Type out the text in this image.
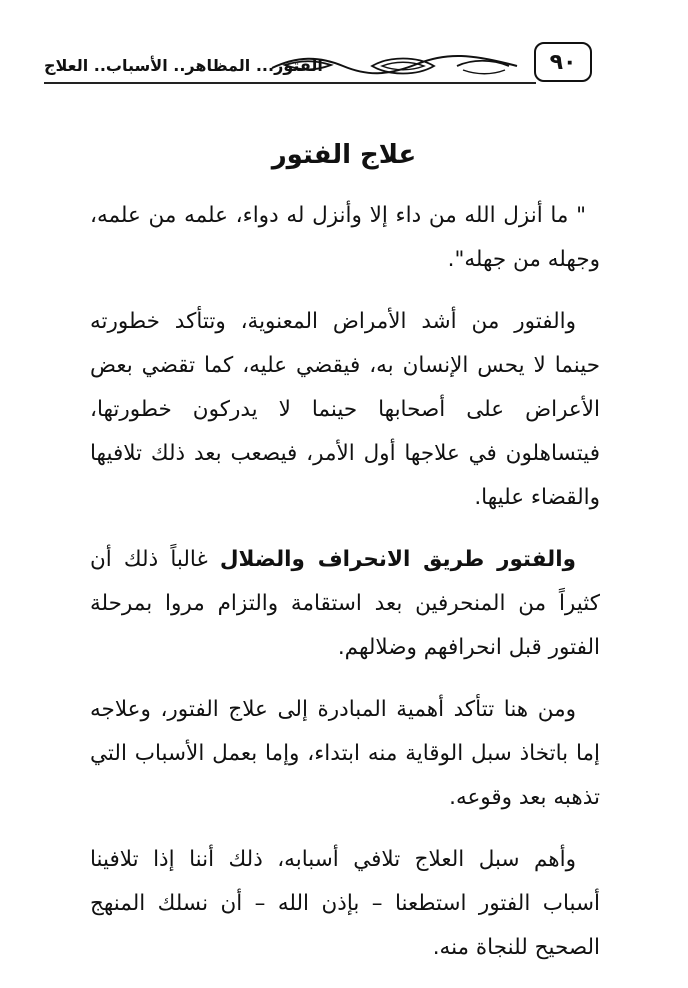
٩٠
الفتور... المظاهر.. الأسباب.. العلاج
علاج الفتور

" ما أنزل الله من داء إلا وأنزل له دواء، علمه من علمه، وجهله من جهله".

والفتور من أشد الأمراض المعنوية، وتتأكد خطورته حينما لا يحس الإنسان به، فيقضي عليه، كما تقضي بعض الأعراض على أصحابها حينما لا يدركون خطورتها، فيتساهلون في علاجها أول الأمر، فيصعب بعد ذلك تلافيها والقضاء عليها.

والفتور طريق الانحراف والضلال غالباً ذلك أن كثيراً من المنحرفين بعد استقامة والتزام مروا بمرحلة الفتور قبل انحرافهم وضلالهم.

ومن هنا تتأكد أهمية المبادرة إلى علاج الفتور، وعلاجه إما باتخاذ سبل الوقاية منه ابتداء، وإما بعمل الأسباب التي تذهبه بعد وقوعه.

وأهم سبل العلاج تلافي أسبابه، ذلك أننا إذا تلافينا أسباب الفتور استطعنا – بإذن الله – أن نسلك المنهج الصحيح للنجاة منه.
